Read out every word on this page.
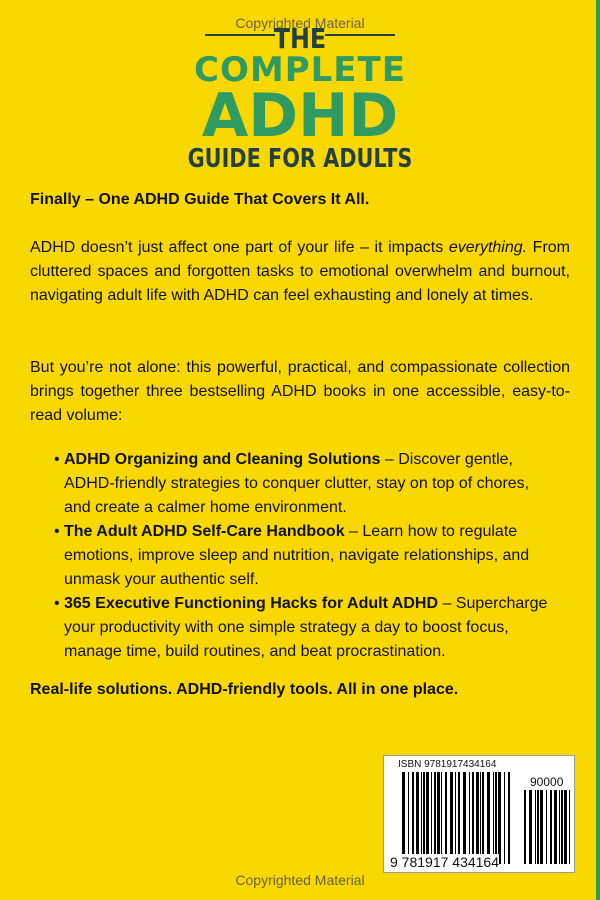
Copyrighted Material
THE
COMPLETE
ADHD
GUIDE FOR ADULTS
Finally – One ADHD Guide That Covers It All.
ADHD doesn’t just affect one part of your life – it impacts everything. From cluttered spaces and forgotten tasks to emotional overwhelm and burnout, navigating adult life with ADHD can feel exhausting and lonely at times.
But you’re not alone: this powerful, practical, and compassionate collection brings together three bestselling ADHD books in one accessible, easy-to-read volume:
• ADHD Organizing and Cleaning Solutions – Discover gentle, ADHD-friendly strategies to conquer clutter, stay on top of chores, and create a calmer home environment.
• The Adult ADHD Self-Care Handbook – Learn how to regulate emotions, improve sleep and nutrition, navigate relationships, and unmask your authentic self.
• 365 Executive Functioning Hacks for Adult ADHD – Supercharge your productivity with one simple strategy a day to boost focus, manage time, build routines, and beat procrastination.
Real-life solutions. ADHD-friendly tools. All in one place.
ISBN 9781917434164
90000
9 781917 434164
Copyrighted Material
